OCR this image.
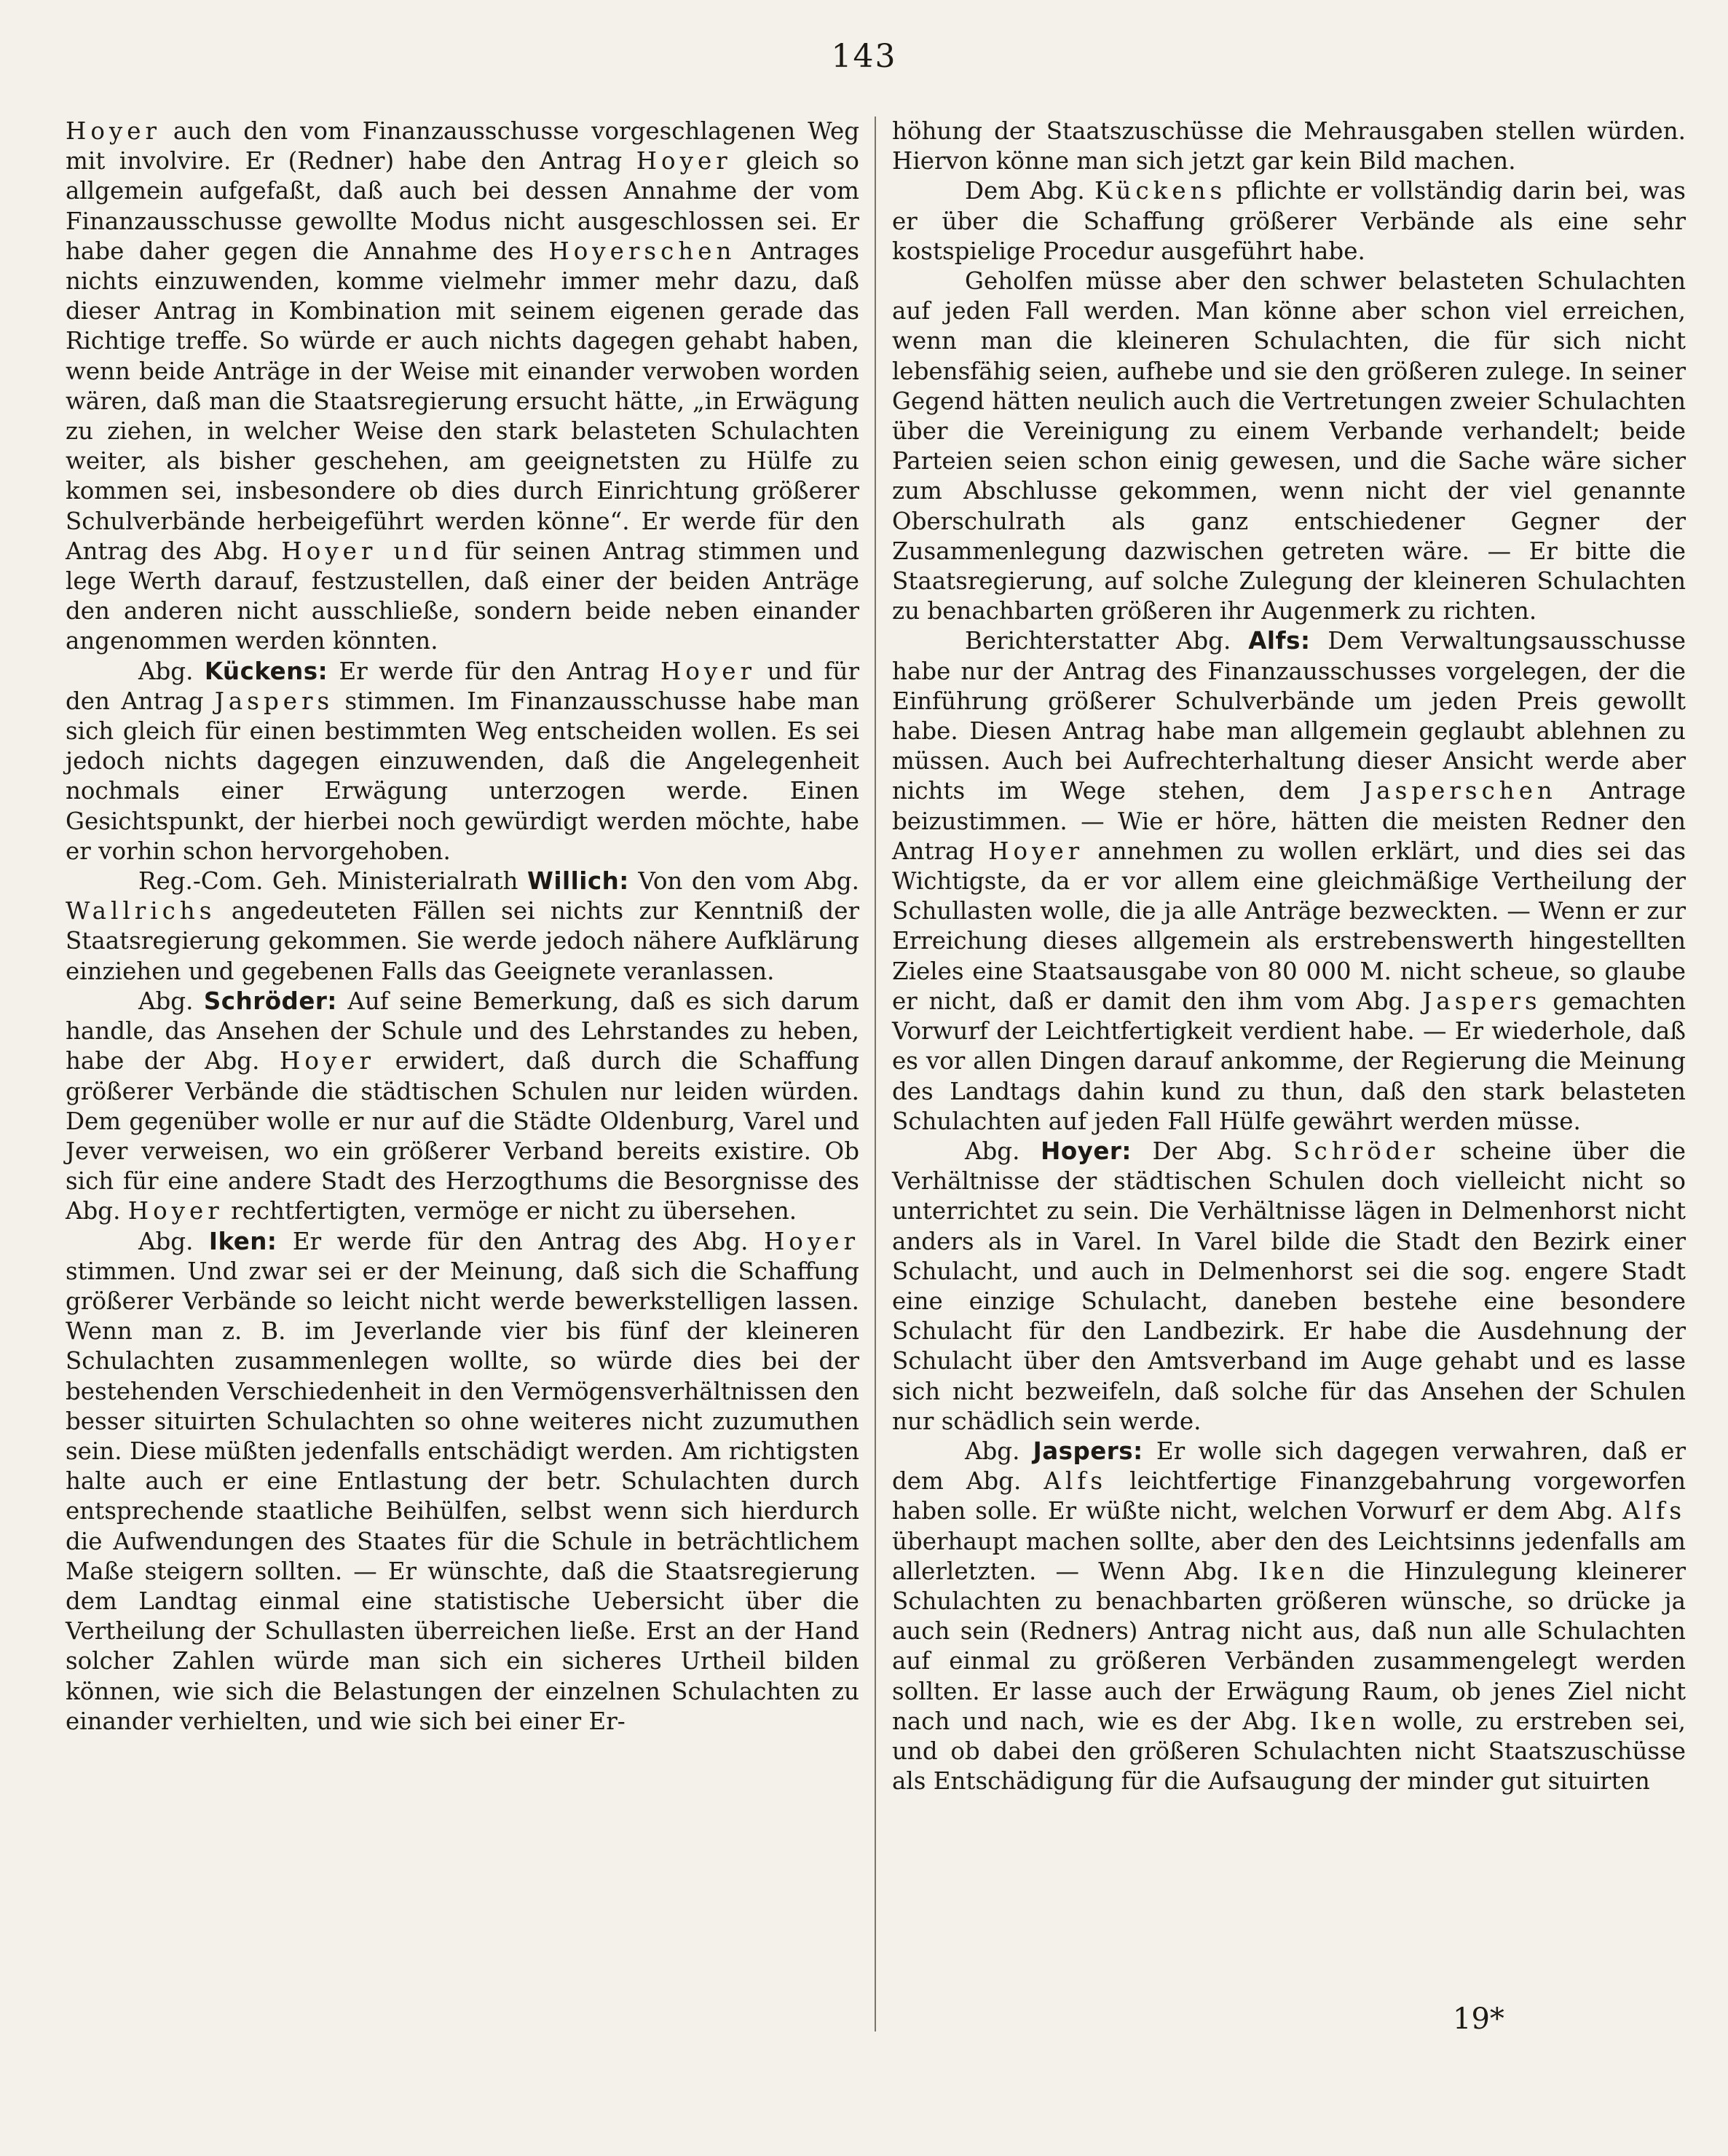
143

Hoyer auch den vom Finanzausschusse vorgeschlagenen Weg mit involvire. Er (Redner) habe den Antrag Hoyer gleich so allgemein aufgefaßt, daß auch bei dessen Annahme der vom Finanzausschusse gewollte Modus nicht ausgeschlossen sei. Er habe daher gegen die Annahme des Hoyerschen Antrages nichts einzuwenden, komme vielmehr immer mehr dazu, daß dieser Antrag in Kombination mit seinem eigenen gerade das Richtige treffe. So würde er auch nichts dagegen gehabt haben, wenn beide Anträge in der Weise mit einander verwoben worden wären, daß man die Staatsregierung ersucht hätte, „in Erwägung zu ziehen, in welcher Weise den stark belasteten Schulachten weiter, als bisher geschehen, am geeignetsten zu Hülfe zu kommen sei, insbesondere ob dies durch Einrichtung größerer Schulverbände herbeigeführt werden könne“. Er werde für den Antrag des Abg. Hoyer und für seinen Antrag stimmen und lege Werth darauf, festzustellen, daß einer der beiden Anträge den anderen nicht ausschließe, sondern beide neben einander angenommen werden könnten.

Abg. Kückens: Er werde für den Antrag Hoyer und für den Antrag Jaspers stimmen. Im Finanzausschusse habe man sich gleich für einen bestimmten Weg entscheiden wollen. Es sei jedoch nichts dagegen einzuwenden, daß die Angelegenheit nochmals einer Erwägung unterzogen werde. Einen Gesichtspunkt, der hierbei noch gewürdigt werden möchte, habe er vorhin schon hervorgehoben.

Reg.-Com. Geh. Ministerialrath Willich: Von den vom Abg. Wallrichs angedeuteten Fällen sei nichts zur Kenntniß der Staatsregierung gekommen. Sie werde jedoch nähere Aufklärung einziehen und gegebenen Falls das Geeignete veranlassen.

Abg. Schröder: Auf seine Bemerkung, daß es sich darum handle, das Ansehen der Schule und des Lehrstandes zu heben, habe der Abg. Hoyer erwidert, daß durch die Schaffung größerer Verbände die städtischen Schulen nur leiden würden. Dem gegenüber wolle er nur auf die Städte Oldenburg, Varel und Jever verweisen, wo ein größerer Verband bereits existire. Ob sich für eine andere Stadt des Herzogthums die Besorgnisse des Abg. Hoyer rechtfertigten, vermöge er nicht zu übersehen.

Abg. Iken: Er werde für den Antrag des Abg. Hoyer stimmen. Und zwar sei er der Meinung, daß sich die Schaffung größerer Verbände so leicht nicht werde bewerkstelligen lassen. Wenn man z. B. im Jeverlande vier bis fünf der kleineren Schulachten zusammenlegen wollte, so würde dies bei der bestehenden Verschiedenheit in den Vermögensverhältnissen den besser situirten Schulachten so ohne weiteres nicht zuzumuthen sein. Diese müßten jedenfalls entschädigt werden. Am richtigsten halte auch er eine Entlastung der betr. Schulachten durch entsprechende staatliche Beihülfen, selbst wenn sich hierdurch die Aufwendungen des Staates für die Schule in beträchtlichem Maße steigern sollten. — Er wünschte, daß die Staatsregierung dem Landtag einmal eine statistische Uebersicht über die Vertheilung der Schullasten überreichen ließe. Erst an der Hand solcher Zahlen würde man sich ein sicheres Urtheil bilden können, wie sich die Belastungen der einzelnen Schulachten zu einander verhielten, und wie sich bei einer Er-

höhung der Staatszuschüsse die Mehrausgaben stellen würden. Hiervon könne man sich jetzt gar kein Bild machen.

Dem Abg. Kückens pflichte er vollständig darin bei, was er über die Schaffung größerer Verbände als eine sehr kostspielige Procedur ausgeführt habe.

Geholfen müsse aber den schwer belasteten Schulachten auf jeden Fall werden. Man könne aber schon viel erreichen, wenn man die kleineren Schulachten, die für sich nicht lebensfähig seien, aufhebe und sie den größeren zulege. In seiner Gegend hätten neulich auch die Vertretungen zweier Schulachten über die Vereinigung zu einem Verbande verhandelt; beide Parteien seien schon einig gewesen, und die Sache wäre sicher zum Abschlusse gekommen, wenn nicht der viel genannte Oberschulrath als ganz entschiedener Gegner der Zusammenlegung dazwischen getreten wäre. — Er bitte die Staatsregierung, auf solche Zulegung der kleineren Schulachten zu benachbarten größeren ihr Augenmerk zu richten.

Berichterstatter Abg. Alfs: Dem Verwaltungsausschusse habe nur der Antrag des Finanzausschusses vorgelegen, der die Einführung größerer Schulverbände um jeden Preis gewollt habe. Diesen Antrag habe man allgemein geglaubt ablehnen zu müssen. Auch bei Aufrechterhaltung dieser Ansicht werde aber nichts im Wege stehen, dem Jasperschen Antrage beizustimmen. — Wie er höre, hätten die meisten Redner den Antrag Hoyer annehmen zu wollen erklärt, und dies sei das Wichtigste, da er vor allem eine gleichmäßige Vertheilung der Schullasten wolle, die ja alle Anträge bezweckten. — Wenn er zur Erreichung dieses allgemein als erstrebenswerth hingestellten Zieles eine Staatsausgabe von 80 000 M. nicht scheue, so glaube er nicht, daß er damit den ihm vom Abg. Jaspers gemachten Vorwurf der Leichtfertigkeit verdient habe. — Er wiederhole, daß es vor allen Dingen darauf ankomme, der Regierung die Meinung des Landtags dahin kund zu thun, daß den stark belasteten Schulachten auf jeden Fall Hülfe gewährt werden müsse.

Abg. Hoyer: Der Abg. Schröder scheine über die Verhältnisse der städtischen Schulen doch vielleicht nicht so unterrichtet zu sein. Die Verhältnisse lägen in Delmenhorst nicht anders als in Varel. In Varel bilde die Stadt den Bezirk einer Schulacht, und auch in Delmenhorst sei die sog. engere Stadt eine einzige Schulacht, daneben bestehe eine besondere Schulacht für den Landbezirk. Er habe die Ausdehnung der Schulacht über den Amtsverband im Auge gehabt und es lasse sich nicht bezweifeln, daß solche für das Ansehen der Schulen nur schädlich sein werde.

Abg. Jaspers: Er wolle sich dagegen verwahren, daß er dem Abg. Alfs leichtfertige Finanzgebahrung vorgeworfen haben solle. Er wüßte nicht, welchen Vorwurf er dem Abg. Alfs überhaupt machen sollte, aber den des Leichtsinns jedenfalls am allerletzten. — Wenn Abg. Iken die Hinzulegung kleinerer Schulachten zu benachbarten größeren wünsche, so drücke ja auch sein (Redners) Antrag nicht aus, daß nun alle Schulachten auf einmal zu größeren Verbänden zusammengelegt werden sollten. Er lasse auch der Erwägung Raum, ob jenes Ziel nicht nach und nach, wie es der Abg. Iken wolle, zu erstreben sei, und ob dabei den größeren Schulachten nicht Staatszuschüsse als Entschädigung für die Aufsaugung der minder gut situirten

19*
